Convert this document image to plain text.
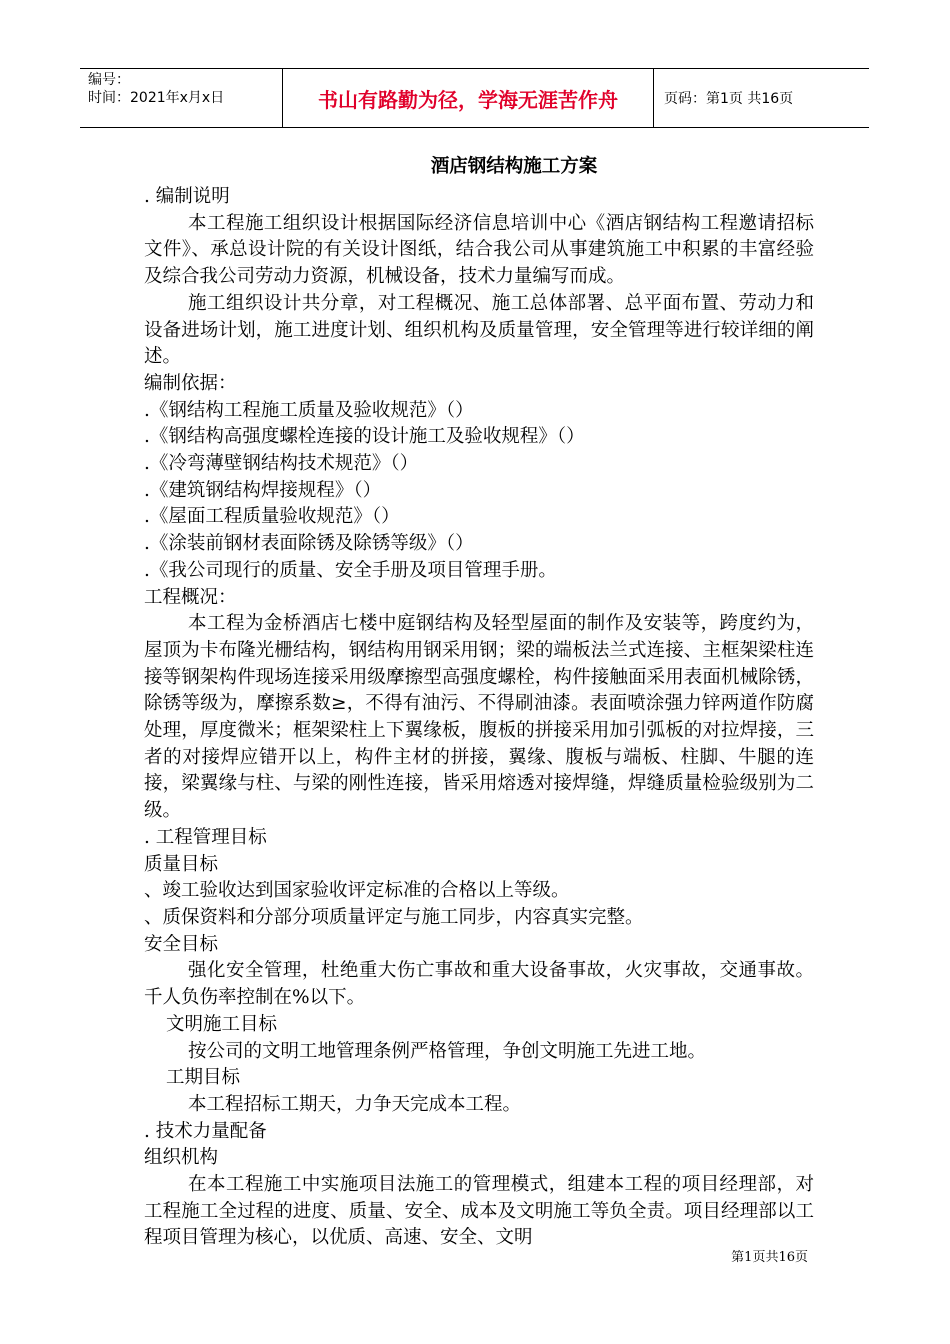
编号：
时间：2021年x月x日	书山有路勤为径，学海无涯苦作舟	页码：第1页 共16页

酒店钢结构施工方案

. 编制说明

本工程施工组织设计根据国际经济信息培训中心《酒店钢结构工程邀请招标文件》、承总设计院的有关设计图纸，结合我公司从事建筑施工中积累的丰富经验及综合我公司劳动力资源，机械设备，技术力量编写而成。

施工组织设计共分章，对工程概况、施工总体部署、总平面布置、劳动力和设备进场计划，施工进度计划、组织机构及质量管理，安全管理等进行较详细的阐述。

编制依据：

.《钢结构工程施工质量及验收规范》（）

.《钢结构高强度螺栓连接的设计施工及验收规程》（）

.《冷弯薄壁钢结构技术规范》（）

.《建筑钢结构焊接规程》（）

.《屋面工程质量验收规范》（）

.《涂装前钢材表面除锈及除锈等级》（）

.《我公司现行的质量、安全手册及项目管理手册。

工程概况：

本工程为金桥酒店七楼中庭钢结构及轻型屋面的制作及安装等，跨度约为，屋顶为卡布隆光栅结构，钢结构用钢采用钢；梁的端板法兰式连接、主框架梁柱连接等钢架构件现场连接采用级摩擦型高强度螺栓，构件接触面采用表面机械除锈，除锈等级为，摩擦系数≥，不得有油污、不得刷油漆。表面喷涂强力锌两道作防腐处理，厚度微米；框架梁柱上下翼缘板，腹板的拼接采用加引弧板的对拉焊接，三者的对接焊应错开以上，构件主材的拼接，翼缘、腹板与端板、柱脚、牛腿的连接，梁翼缘与柱、与梁的刚性连接，皆采用熔透对接焊缝，焊缝质量检验级别为二级。

. 工程管理目标

质量目标

、竣工验收达到国家验收评定标准的合格以上等级。

、质保资料和分部分项质量评定与施工同步，内容真实完整。

安全目标

强化安全管理，杜绝重大伤亡事故和重大设备事故，火灾事故，交通事故。千人负伤率控制在%以下。

文明施工目标

按公司的文明工地管理条例严格管理，争创文明施工先进工地。

工期目标

本工程招标工期天，力争天完成本工程。

. 技术力量配备

组织机构

在本工程施工中实施项目法施工的管理模式，组建本工程的项目经理部，对工程施工全过程的进度、质量、安全、成本及文明施工等负全责。项目经理部以工程项目管理为核心，以优质、高速、安全、文明

第1页共16页
